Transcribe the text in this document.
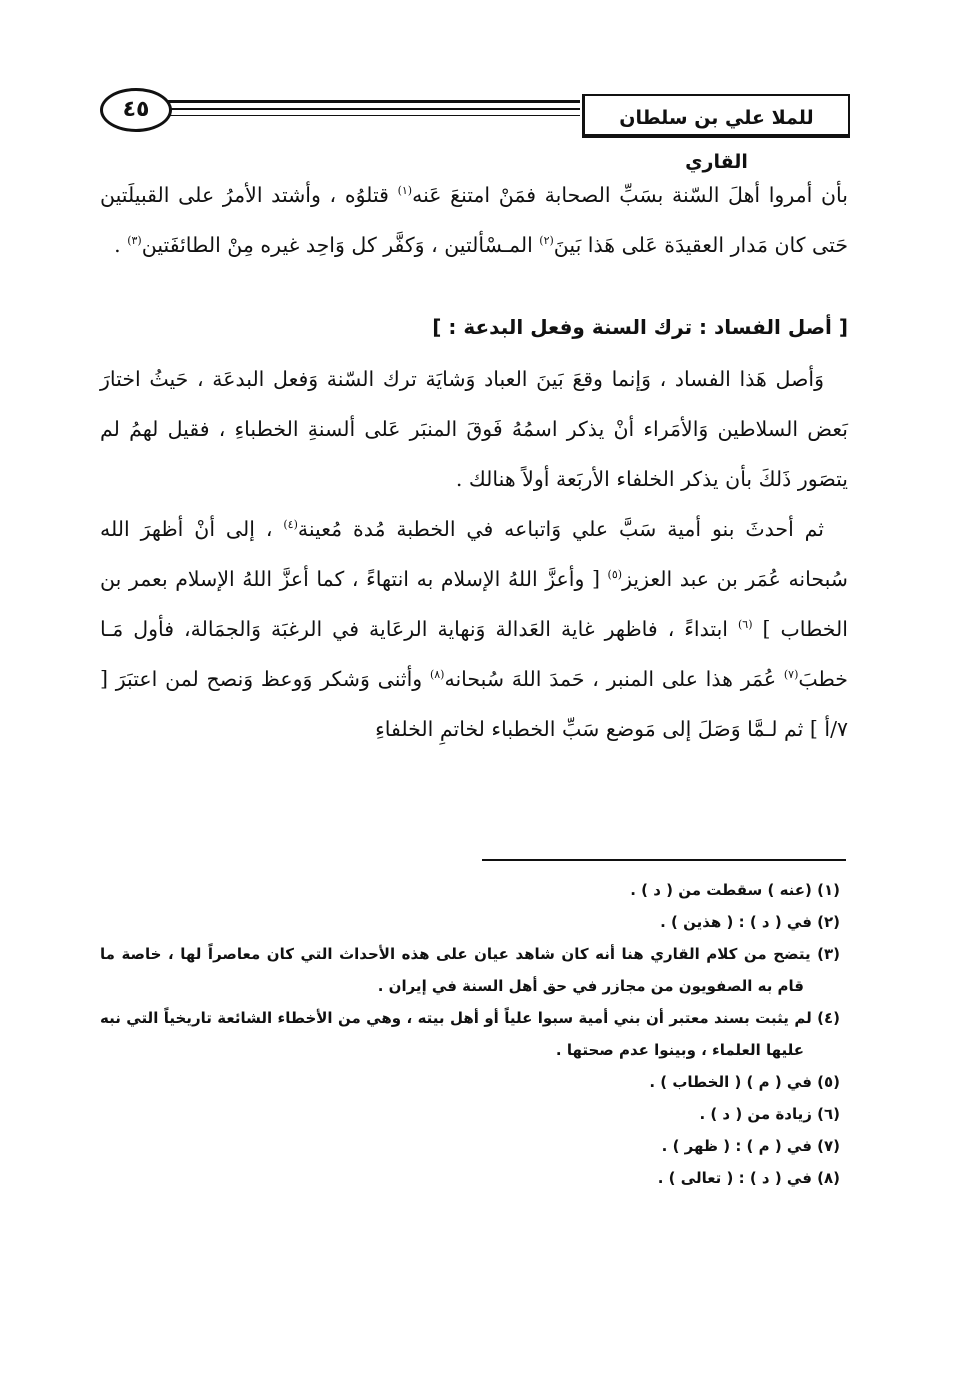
٤٥	للملا علي بن سلطان القاري

بأن أمروا أهلَ السّنة بسَبِّ الصحابة فمَنْ امتنعَ عَنه$^{(١)}$ قتلوُه ، وأشتد الأمرُ على القبيلَتين حَتى كان مَدار العقيدَة عَلى هَذا بَينَ$^{(٢)}$ المـسْألتين ، وَكفَّر كل وَاحِد غيره مِنْ الطائفَتين$^{(٣)}$ .

[ أصل الفساد : ترك السنة وفعل البدعة : ]

وَأصل هَذا الفساد ، وَإنما وقعَ بَينَ العباد وَشايَة ترك السّنة وَفعل البدعَة ، حَيثُ اختارَ بَعض السلاطين وَالأمَراء أنْ يذكر اسمُهُ فَوقَ المنبَر عَلى ألسنةِ الخطباءِ ، فقيل لهمُ لم يتصَور ذَلكَ بأن يذكر الخلفاء الأربَعة أولاً هنالك .

ثم أحدثَ بنو أمية سَبَّ علي وَاتباعه في الخطبة مُدة مُعينة$^{(٤)}$ ، إلى أنْ أظهرَ الله سُبحانه عُمَر بن عبد العزيز$^{(٥)}$ [ وأعزَّ اللهُ الإسلام به انتهاءً ، كما أعزَّ اللهُ الإسلام بعمر بن الخطاب ] $^{(٦)}$ ابتداءً ، فاظهر غاية العَدالة وَنهاية الرعَاية في الرغبَة وَالجمَالة، فأول مَـا خطبَ$^{(٧)}$ عُمَر هذا على المنبر ، حَمدَ اللهَ سُبحانه$^{(٨)}$ وأثنى وَشكر وَوعظ وَنصح لمن اعتبَرَ [ ٧/أ ] ثم لـمَّا وَصَلَ إلى مَوضع سَبِّ الخطباء لخاتمِ الخلفاءِ

(١) (عنه ) سقطت من ( د ) .

(٢) في ( د ) : ( هذين ) .

(٣) يتضح من كلام القاري هنا أنه كان شاهد عيان على هذه الأحداث التي كان معاصراً لها ، خاصة ما قام به الصفويون من مجازر في حق أهل السنة في إيران .

(٤) لم يثبت بسند معتبر أن بني أمية سبوا علياً أو أهل بيته ، وهي من الأخطاء الشائعة تاريخياً التي نبه عليها العلماء ، وبينوا عدم صحتها .

(٥) في ( م ) ( الخطاب ) .

(٦) زيادة من ( د ) .

(٧) في ( م ) : ( ظهر ) .

(٨) في ( د ) : ( تعالى ) .
